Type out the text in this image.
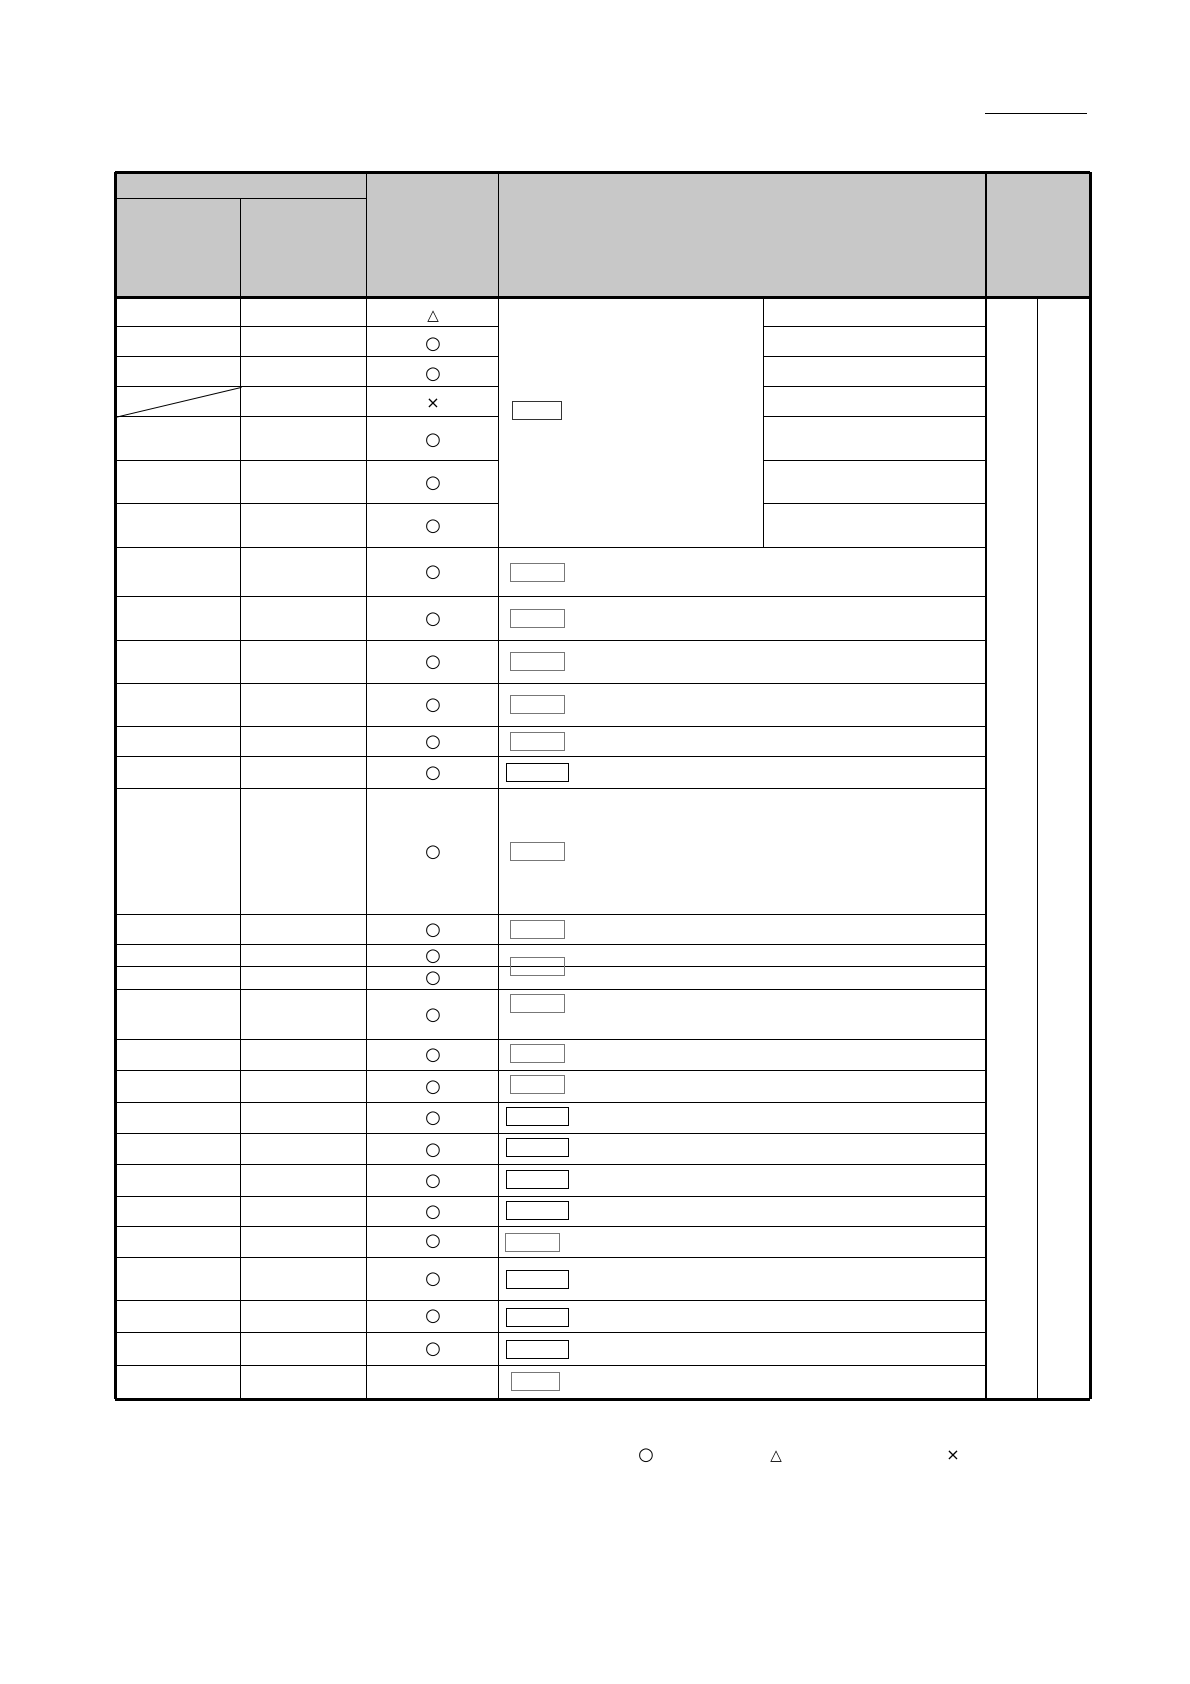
△
○
○
×
○
○
○
○
○
○
○
○
○
○
○
○
○
○
○
○
○
○
○
○
○
○
○
○
○	△	×
